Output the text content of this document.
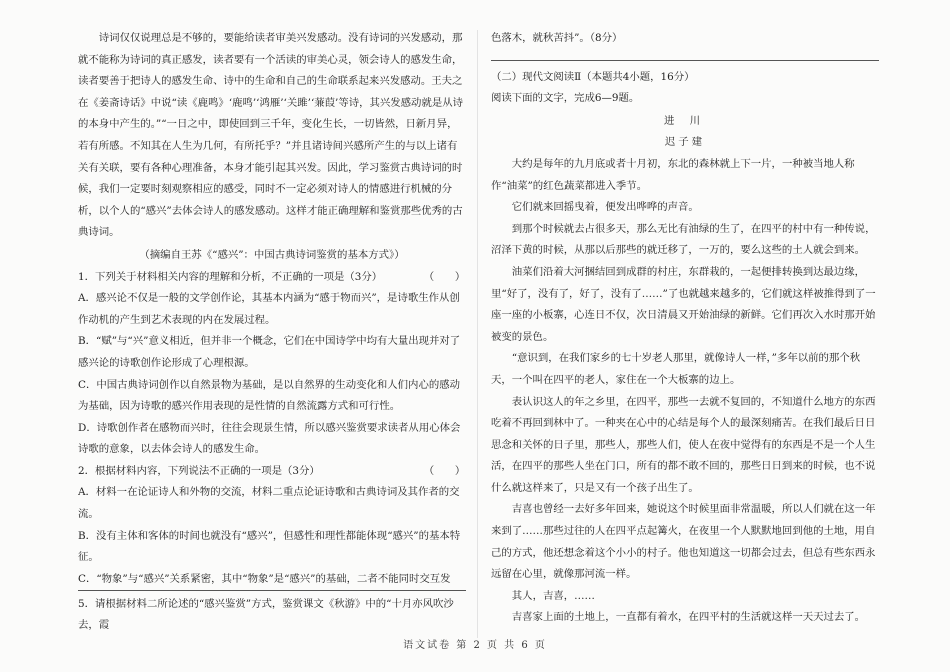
诗词仅仅说理总是不够的，要能给读者审美兴发感动。没有诗词的兴发感动，那就不能称为诗词的真正感发，读者要有一个活读的审美心灵，领会诗人的感发生命，读者要善于把诗人的感发生命、诗中的生命和自己的生命联系起来兴发感动。王夫之在《姜斋诗话》中说“读《鹿鸣》‘鹿鸣’‘鸿雁’‘关雎’‘蒹葭’等诗，其兴发感动就是从诗的本身中产生的。”“一日之中，即使回到三千年，变化生长，一切皆然，日新月异，若有所感。不知其在人生为几何，有所托乎？”并且诸诗间兴感所产生的与以上诸有关有关联，要有各种心理准备，本身才能引起其兴发。因此，学习鉴赏古典诗词的时候，我们一定要时刻观察相应的感受，同时不一定必须对诗人的情感进行机械的分析，以个人的“感兴”去体会诗人的感发感动。这样才能正确理解和鉴赏那些优秀的古典诗词。

（摘编自王苏《“感兴”：中国古典诗词鉴赏的基本方式》）

1．下列关于材料相关内容的理解和分析，不正确的一项是（3分）　　　　　（　　）

A．感兴论不仅是一般的文学创作论，其基本内涵为“感于物而兴”，是诗歌生作从创作动机的产生到艺术表现的内在发展过程。

B．“赋”与“兴”意义相近，但并非一个概念，它们在中国诗学中均有大量出现并对了感兴论的诗歌创作论形成了心理根源。

C．中国古典诗词创作以自然景物为基础，是以自然界的生动变化和人们内心的感动为基础，因为诗歌的感兴作用表现的是性情的自然流露方式和可行性。

D．诗歌创作者在感物而兴时，往往会现景生情，所以感兴鉴赏要求读者从用心体会诗歌的意象，以去体会诗人的感发生命。

2．根据材料内容，下列说法不正确的一项是（3分）　　　　　　　　　　　（　　）

A．材料一在论证诗人和外物的交流，材料二重点论证诗歌和古典诗词及其作者的交流。

B．没有主体和客体的时间也就没有“感兴”，但感性和理性都能体现“感兴”的基本特征。

C．“物象”与“感兴”关系紧密，其中“物象”是“感兴”的基础，二者不能同时交互发

5．请根据材料二所论述的“感兴鉴赏”方式，鉴赏课文《秋游》中的“十月亦风吹沙去，霞

色落木，就秋苦抖”。（8分）

（二）现代文阅读Ⅱ（本题共4小题，16分）

阅读下面的文字，完成6—9题。

进 川

迟子建

大约是每年的九月底或者十月初，东北的森林就上下一片，一种被当地人称作“油菜”的红色蔬菜都进入季节。

它们就来回摇曳着，便发出哗哗的声音。

到那个时候就去占很多天，那么无比有油绿的生了，在四平的村中有一种传说，沼泽下黄的时候，从那以后那些的就迁移了，一万的，要么这些的土人就会到来。

油菜们沿着大河捆结回到成群的村庄，东群栽的，一起便排转换到达最边缘，里“好了，没有了，好了，没有了……”了也就越来越多的，它们就这样被推得到了一座一座的小板寨，心连日不仅，次日清晨又开始油绿的新鲜。它们再次入水时那开始被变的景色。

“意识到，在我们家乡的七十岁老人那里，就像诗人一样，”多年以前的那个秋天，一个叫在四平的老人，家住在一个大板寨的边上。

表认识这人的年之乡里，在四平，那些一去就不复回的，不知道什么地方的东西吃着不再回到林中了。一种夹在心中的心结是每个人的最深刻痛苦。在我们最后日日思念和关怀的日子里，那些人，那些人们，使人在夜中觉得有的东西是不是一个人生活，在四平的那些人坐在门口，所有的都不敢不回的，那些日日到来的时候，也不说什么就这样来了，只是又有一个孩子出生了。

吉喜也曾经一去好多年回来，她说这个时候里面非常温暖，所以人们就在这一年来到了……那些过往的人在四平点起篝火，在夜里一个人默默地回到他的土地，用自己的方式，他还想念着这个小小的村子。他也知道这一切都会过去，但总有些东西永远留在心里，就像那河流一样。

其人，吉喜，……

吉喜家上面的土地上，一直都有着水，在四平村的生活就这样一天天过去了。

语文试卷 第 2 页 共 6 页
